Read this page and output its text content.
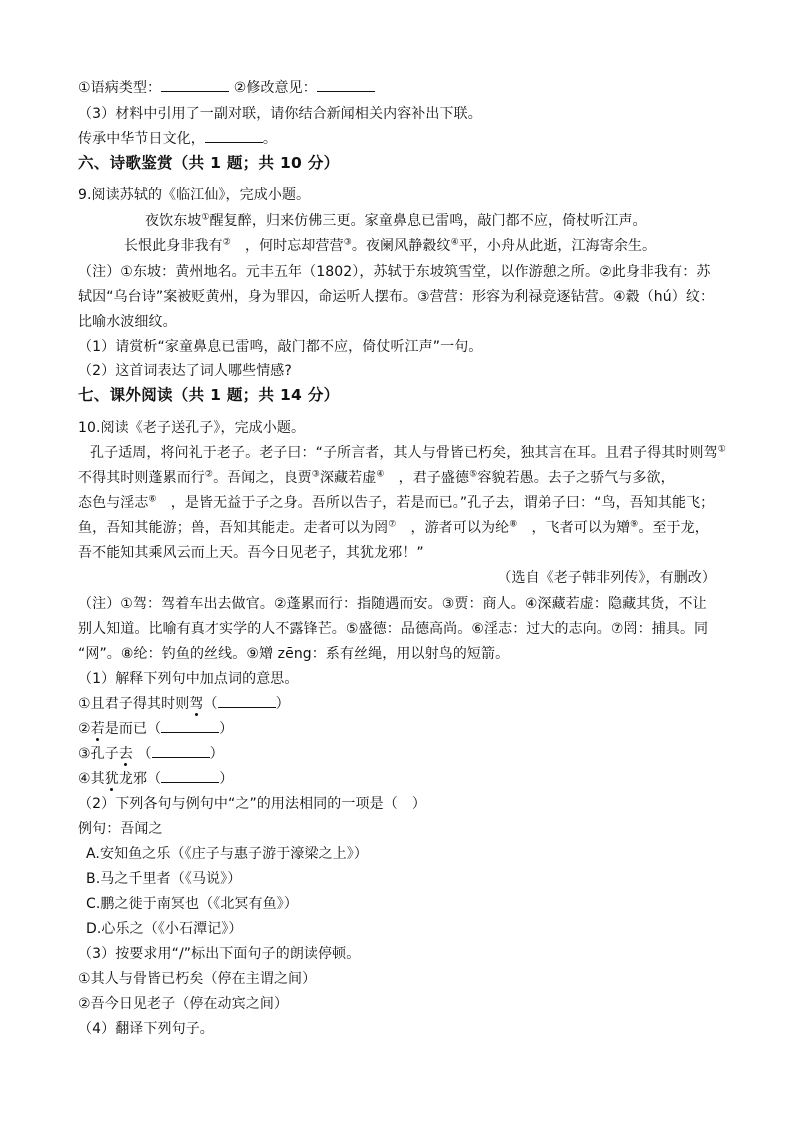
①语病类型：	②修改意见：
（3）材料中引用了一副对联，请你结合新闻相关内容补出下联。
传承中华节日文化，	。
六、诗歌鉴赏（共 1 题；共 10 分）
9.阅读苏轼的《临江仙》，完成小题。
夜饮东坡①醒复醉，归来仿佛三更。家童鼻息已雷鸣，敲门都不应，倚杖听江声。
长恨此身非我有②　，何时忘却营营③。夜阑风静縠纹④平，小舟从此逝，江海寄余生。
（注）①东坡：黄州地名。元丰五年（1802），苏轼于东坡筑雪堂，以作游憩之所。②此身非我有：苏
轼因“乌台诗”案被贬黄州，身为罪囚，命运听人摆布。③营营：形容为利禄竞逐钻营。④縠（hú）纹：
比喻水波细纹。
（1）请赏析“家童鼻息已雷鸣，敲门都不应，倚仗听江声”一句。
（2）这首词表达了词人哪些情感?
七、课外阅读（共 1 题；共 14 分）
10.阅读《老子送孔子》，完成小题。
孔子适周，将问礼于老子。老子曰：“子所言者，其人与骨皆已朽矣，独其言在耳。且君子得其时则驾①
不得其时则蓬累而行②。吾闻之，良贾③深藏若虚④　，君子盛德⑤容貌若愚。去子之骄气与多欲，
态色与淫志⑥　，是皆无益于子之身。吾所以告子，若是而已。”孔子去，谓弟子曰：“鸟，吾知其能飞；
鱼，吾知其能游；兽，吾知其能走。走者可以为罔⑦　，游者可以为纶⑧　，飞者可以为矰⑨。至于龙，
吾不能知其乘风云而上天。吾今日见老子，其犹龙邪！”
（选自《老子韩非列传》，有删改）
（注）①驾：驾着车出去做官。②蓬累而行：指随遇而安。③贾：商人。④深藏若虚：隐藏其货，不让
别人知道。比喻有真才实学的人不露锋芒。⑤盛德：品德高尚。⑥淫志：过大的志向。⑦罔：捕具。同
“网”。⑧纶：钓鱼的丝线。⑨矰 zēng：系有丝绳，用以射鸟的短箭。
（1）解释下列句中加点词的意思。
①且君子得其时则驾（	）
②若是而已（	）
③孔子去 （	）
④其犹龙邪（	）
（2）下列各句与例句中“之”的用法相同的一项是（　）
例句：吾闻之
A.安知鱼之乐（《庄子与惠子游于濠梁之上》）
B.马之千里者（《马说》）
C.鹏之徙于南冥也（《北冥有鱼》）
D.心乐之（《小石潭记》）
（3）按要求用“/”标出下面句子的朗读停顿。
①其人与骨皆已朽矣（停在主谓之间）
②吾今日见老子（停在动宾之间）
（4）翻译下列句子。
